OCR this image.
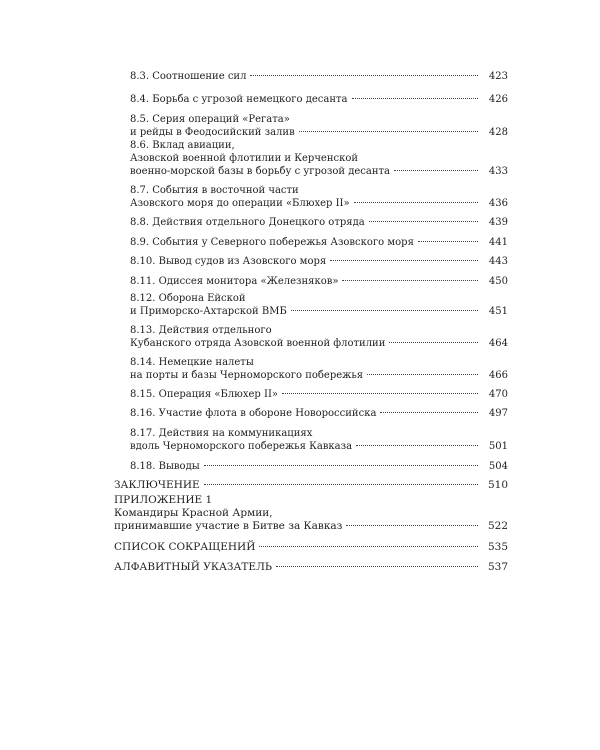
8.3. Соотношение сил	423
8.4. Борьба с угрозой немецкого десанта	426
8.5. Серия операций «Регата»
и рейды в Феодосийский залив	428
8.6. Вклад авиации,
Азовской военной флотилии и Керченской
военно-морской базы в борьбу с угрозой десанта	433
8.7. События в восточной части
Азовского моря до операции «Блюхер II»	436
8.8. Действия отдельного Донецкого отряда	439
8.9. События у Северного побережья Азовского моря	441
8.10. Вывод судов из Азовского моря	443
8.11. Одиссея монитора «Железняков»	450
8.12. Оборона Ейской
и Приморско-Ахтарской ВМБ	451
8.13. Действия отдельного
Кубанского отряда Азовской военной флотилии	464
8.14. Немецкие налеты
на порты и базы Черноморского побережья	466
8.15. Операция «Блюхер II»	470
8.16. Участие флота в обороне Новороссийска	497
8.17. Действия на коммуникациях
вдоль Черноморского побережья Кавказа	501
8.18. Выводы	504
ЗАКЛЮЧЕНИЕ	510
ПРИЛОЖЕНИЕ 1
Командиры Красной Армии,
принимавшие участие в Битве за Кавказ	522
СПИСОК СОКРАЩЕНИЙ	535
АЛФАВИТНЫЙ УКАЗАТЕЛЬ	537
